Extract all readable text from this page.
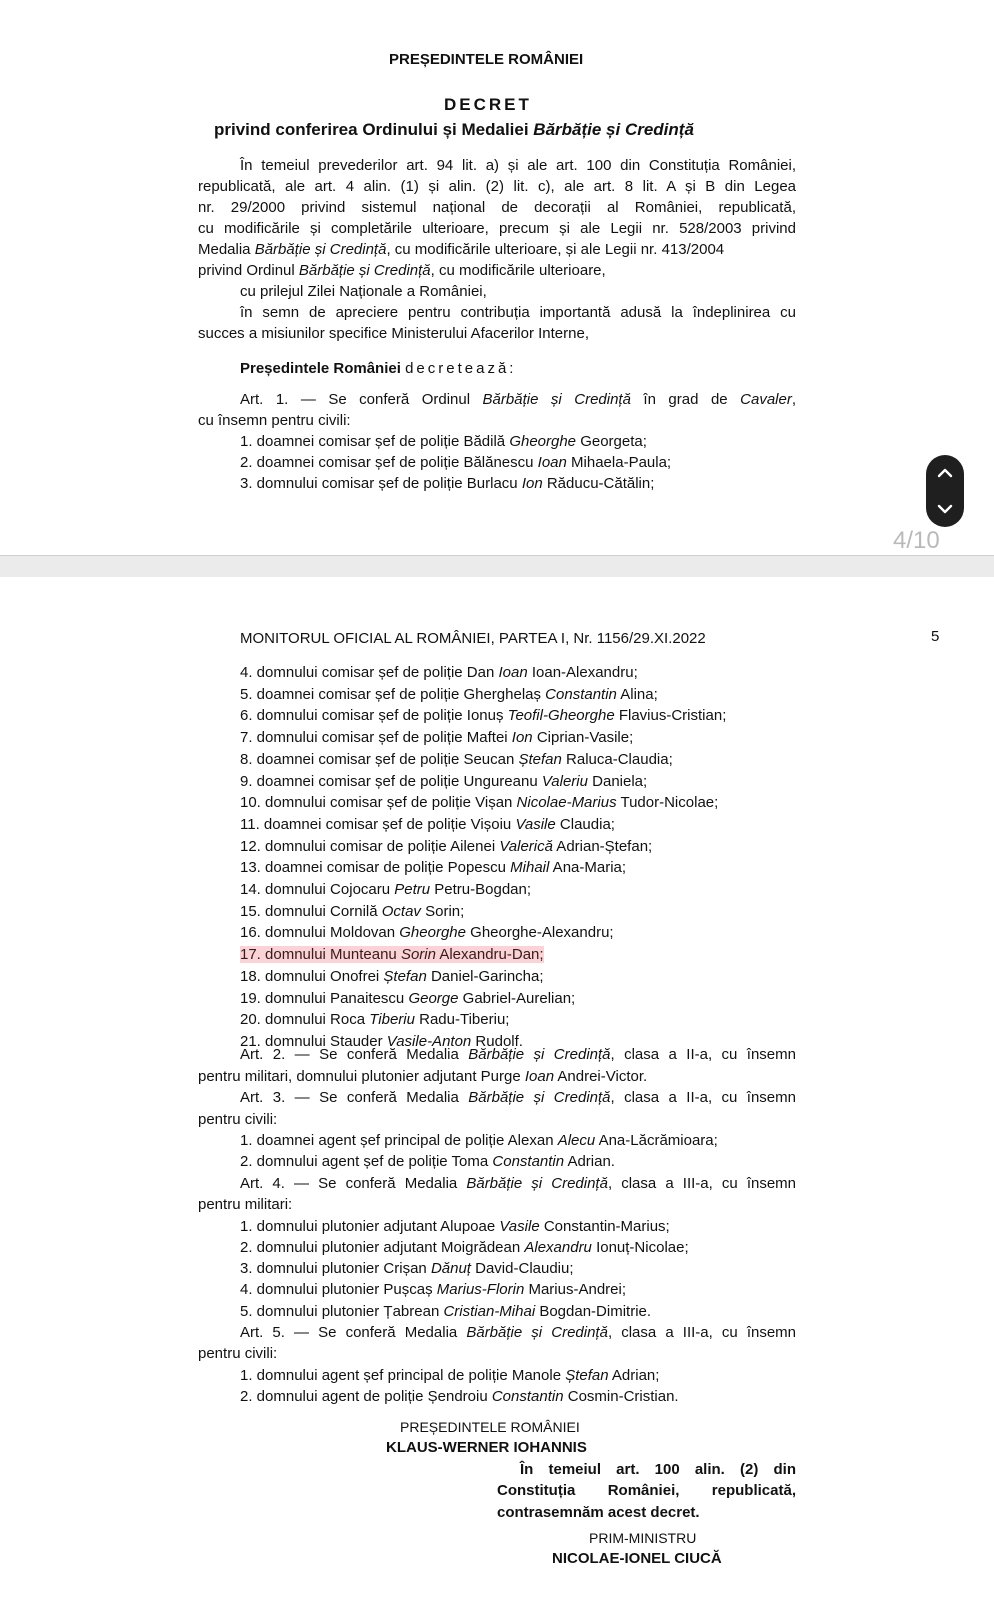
PREȘEDINTELE ROMÂNIEI
DECRET
privind conferirea Ordinului și Medaliei Bărbăție și Credință
În temeiul prevederilor art. 94 lit. a) și ale art. 100 din Constituția României,
republicată, ale art. 4 alin. (1) și alin. (2) lit. c), ale art. 8 lit. A și B din Legea
nr. 29/2000 privind sistemul național de decorații al României, republicată,
cu modificările și completările ulterioare, precum și ale Legii nr. 528/2003 privind
Medalia Bărbăție și Credință, cu modificările ulterioare, și ale Legii nr. 413/2004
privind Ordinul Bărbăție și Credință, cu modificările ulterioare,
cu prilejul Zilei Naționale a României,
în semn de apreciere pentru contribuția importantă adusă la îndeplinirea cu
succes a misiunilor specifice Ministerului Afacerilor Interne,
Președintele României decretează:
Art. 1. — Se conferă Ordinul Bărbăție și Credință în grad de Cavaler,
cu însemn pentru civili:
1. doamnei comisar șef de poliție Bădilă Gheorghe Georgeta;
2. doamnei comisar șef de poliție Bălănescu Ioan Mihaela-Paula;
3. domnului comisar șef de poliție Burlacu Ion Răducu-Cătălin;
4/10
MONITORUL OFICIAL AL ROMÂNIEI, PARTEA I, Nr. 1156/29.XI.2022	5
4. domnului comisar șef de poliție Dan Ioan Ioan-Alexandru;
5. doamnei comisar șef de poliție Gherghelaș Constantin Alina;
6. domnului comisar șef de poliție Ionuș Teofil-Gheorghe Flavius-Cristian;
7. domnului comisar șef de poliție Maftei Ion Ciprian-Vasile;
8. doamnei comisar șef de poliție Seucan Ștefan Raluca-Claudia;
9. doamnei comisar șef de poliție Ungureanu Valeriu Daniela;
10. domnului comisar șef de poliție Vișan Nicolae-Marius Tudor-Nicolae;
11. doamnei comisar șef de poliție Vișoiu Vasile Claudia;
12. domnului comisar de poliție Ailenei Valerică Adrian-Ștefan;
13. doamnei comisar de poliție Popescu Mihail Ana-Maria;
14. domnului Cojocaru Petru Petru-Bogdan;
15. domnului Cornilă Octav Sorin;
16. domnului Moldovan Gheorghe Gheorghe-Alexandru;
17. domnului Munteanu Sorin Alexandru-Dan;
18. domnului Onofrei Ștefan Daniel-Garincha;
19. domnului Panaitescu George Gabriel-Aurelian;
20. domnului Roca Tiberiu Radu-Tiberiu;
21. domnului Stauder Vasile-Anton Rudolf.
Art. 2. — Se conferă Medalia Bărbăție și Credință, clasa a II-a, cu însemn
pentru militari, domnului plutonier adjutant Purge Ioan Andrei-Victor.
Art. 3. — Se conferă Medalia Bărbăție și Credință, clasa a II-a, cu însemn
pentru civili:
1. doamnei agent șef principal de poliție Alexan Alecu Ana-Lăcrămioara;
2. domnului agent șef de poliție Toma Constantin Adrian.
Art. 4. — Se conferă Medalia Bărbăție și Credință, clasa a III-a, cu însemn
pentru militari:
1. domnului plutonier adjutant Alupoae Vasile Constantin-Marius;
2. domnului plutonier adjutant Moigrădean Alexandru Ionuț-Nicolae;
3. domnului plutonier Crișan Dănuț David-Claudiu;
4. domnului plutonier Pușcaș Marius-Florin Marius-Andrei;
5. domnului plutonier Țabrean Cristian-Mihai Bogdan-Dimitrie.
Art. 5. — Se conferă Medalia Bărbăție și Credință, clasa a III-a, cu însemn
pentru civili:
1. domnului agent șef principal de poliție Manole Ștefan Adrian;
2. domnului agent de poliție Șendroiu Constantin Cosmin-Cristian.
PREȘEDINTELE ROMÂNIEI
KLAUS-WERNER IOHANNIS
În temeiul art. 100 alin. (2) din
Constituția României, republicată,
contrasemnăm acest decret.
PRIM-MINISTRU
NICOLAE-IONEL CIUCĂ
